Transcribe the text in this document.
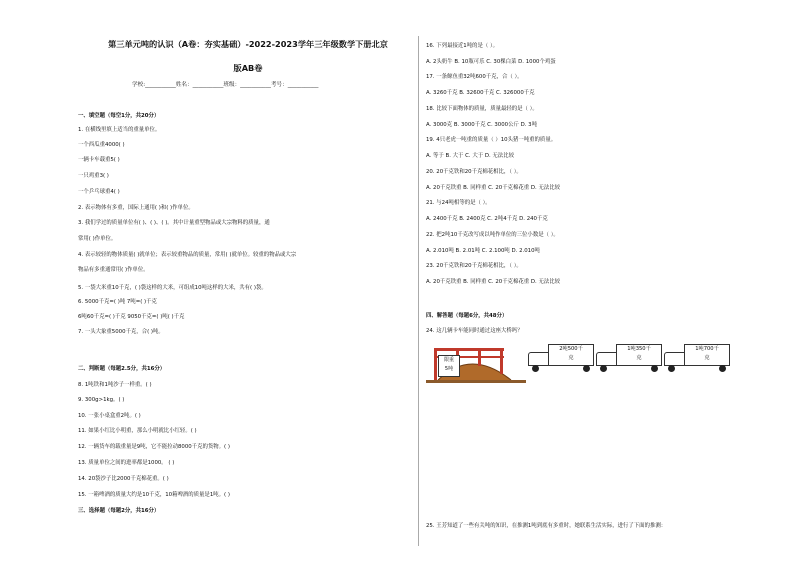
第三单元吨的认识（A卷：夯实基础）-2022-2023学年三年级数学下册北京
版AB卷
学校:___________姓名：___________班级：___________考号：___________
一、填空题（每空1分，共20分）
1. 在横线里填上适当的重量单位。
一个西瓜重4000( )
一辆卡车载重5( )
一只鸡重3( )
一个乒乓球重4( )
2. 表示物体有多重，国际上通用( )和( )作单位。
3. 我们学过的质量单位有( )、( )、( )。其中计量重型物品或大宗物料的质量，通
常用( )作单位。
4. 表示较轻的物体质量( )就单位；表示较重物品的质量，常用( )就单位。较重的物品或大宗
物品有多重通常用( )作单位。
5. 一袋大米重10千克，( )袋这样的大米，可组成10吨这样的大米，共有( )袋。
6. 5000千克=( )吨 7吨=( )千克
6吨60千克=( )千克 9050千克=( )吨( )千克
7. 一头大象重5000千克，合( )吨。
二、判断题（每题2.5分，共16分）
8. 1吨铁和1吨沙子一样重。( )
9. 300g>1kg。( )
10. 一张小桌盒重2吨。( )
11. 如果小红比小明重，那么小明就比小红轻。( )
12. 一辆货车的载重量是9吨，它不能拉动8000千克的货物。( )
13. 质量单位之间的进率都是1000。 ( )
14. 20袋沙子比2000千克棉花重。( )
15. 一箱啤酒的质量大约是10千克，10箱啤酒的质量是1吨。( )
三、选择题（每题2分，共16分）
16. 下列最接近1吨的是（ ）。
A. 2头奶牛 B. 10瓶可乐 C. 30棵白菜 D. 1000个鸡蛋
17. 一条鲸鱼重32吨600千克，合（ ）。
A. 3260千克 B. 32600千克 C. 326000千克
18. 比较下面物体的质量，质量最轻的是（ ）。
A. 3000克 B. 3000千克 C. 3000公斤 D. 3吨
19. 4只老虎一吨重的质量（ ）10头猪一吨重的质量。
A. 等于 B. 大于 C. 大于 D. 无法比较
20. 20千克铁和20千克棉花相比，（ ）。
A. 20千克铁重 B. 同样重 C. 20千克棉花重 D. 无法比较
21. 与24吨相等的是（ ）。
A. 2400千克 B. 2400克 C. 2吨4千克 D. 240千克
22. 把2吨10千克改写成以吨作单位的三位小数是（ ）。
A. 2.010吨 B. 2.01吨 C. 2.100吨 D. 2.010吨
23. 20千克铁和20千克棉花相比，（ ）。
A. 20千克铁重 B. 同样重 C. 20千克棉花重 D. 无法比较
四、解答题（每题6分，共48分）
24. 这几辆卡车能同时通过这座大桥吗？
限重
5吨
2吨500千
克
1吨350千
克
1吨700千
克
25. 王芳知道了一些有关吨的知识，在推测1吨到底有多重时，她联系生活实际，进行了下面的推测：
